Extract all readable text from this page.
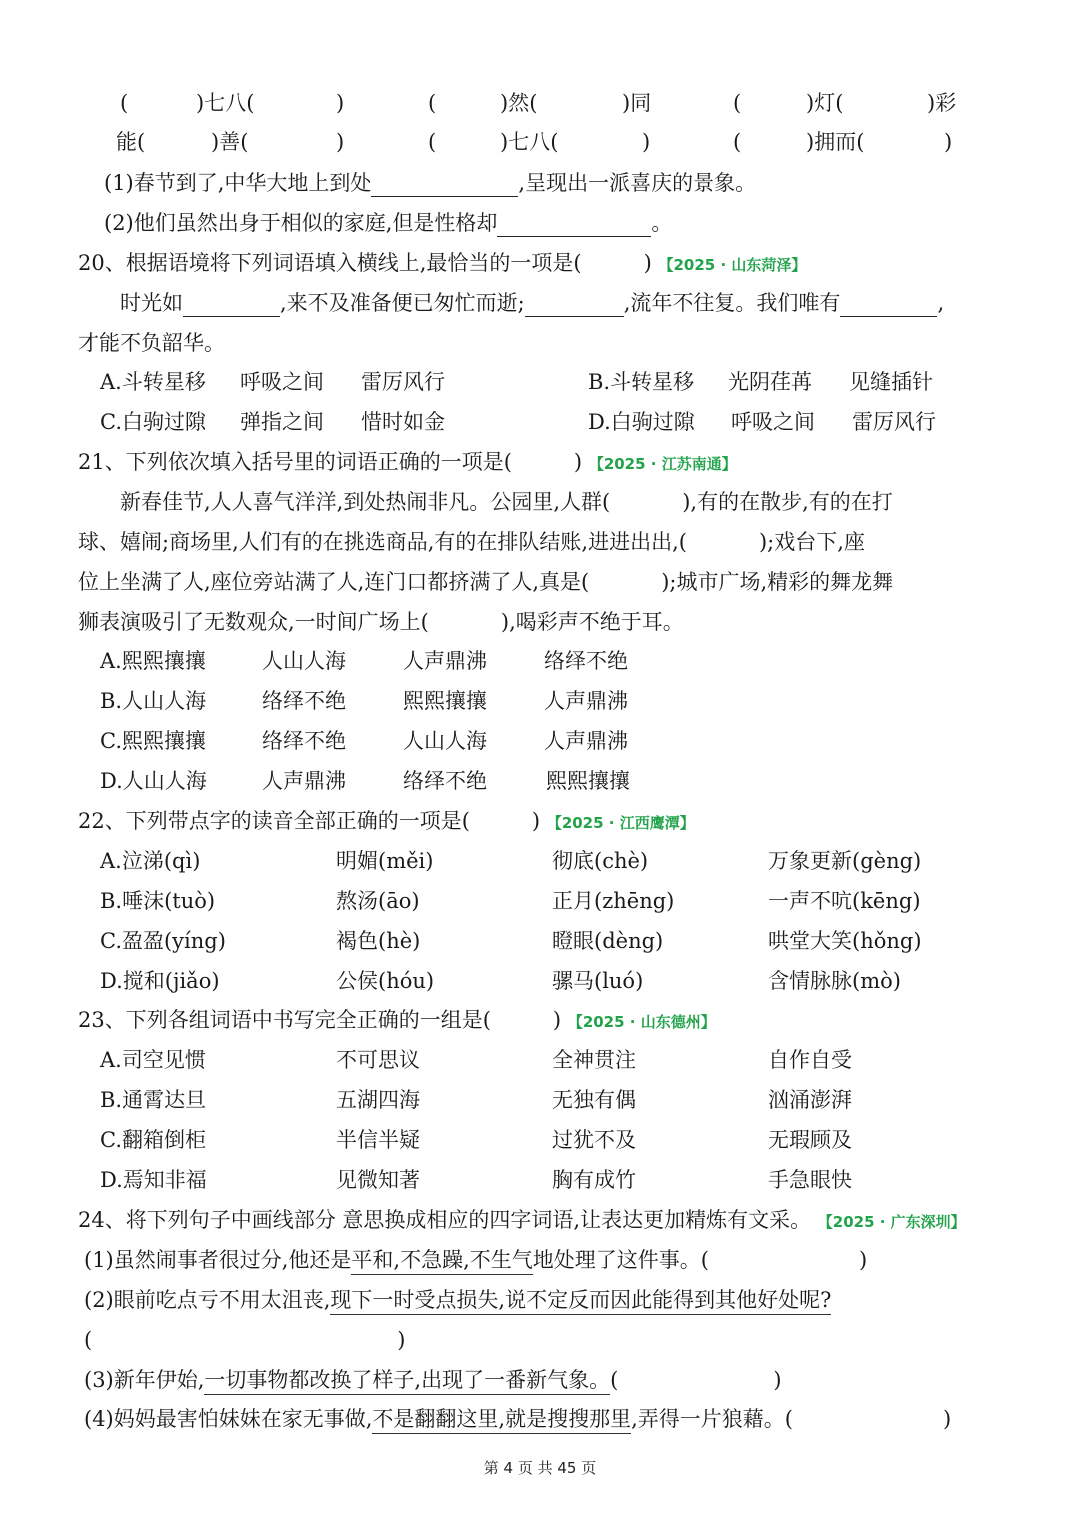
(	)七八(	)	(	)然(	)同	(	)灯(	)彩
能(	)善(	)	(	)七八(	)	(	)拥而(	)
(1)春节到了,中华大地上到处	,呈现出一派喜庆的景象。
(2)他们虽然出身于相似的家庭,但是性格却	。
20、根据语境将下列词语填入横线上,最恰当的一项是(	) 【2025 · 山东菏泽】
时光如	,来不及准备便已匆忙而逝;	,流年不往复。我们唯有	,
才能不负韶华。
A.斗转星移 呼吸之间 雷厉风行	B.斗转星移 光阴荏苒 见缝插针
C.白驹过隙 弹指之间 惜时如金	D.白驹过隙 呼吸之间 雷厉风行
21、下列依次填入括号里的词语正确的一项是(	) 【2025 · 江苏南通】
新春佳节,人人喜气洋洋,到处热闹非凡。公园里,人群(	),有的在散步,有的在打
球、嬉闹;商场里,人们有的在挑选商品,有的在排队结账,进进出出,(	);戏台下,座
位上坐满了人,座位旁站满了人,连门口都挤满了人,真是(	);城市广场,精彩的舞龙舞
狮表演吸引了无数观众,一时间广场上(	),喝彩声不绝于耳。
A.熙熙攘攘	人山人海	人声鼎沸	络绎不绝
B.人山人海	络绎不绝	熙熙攘攘	人声鼎沸
C.熙熙攘攘	络绎不绝	人山人海	人声鼎沸
D.人山人海	人声鼎沸	络绎不绝	熙熙攘攘
22、下列带点字的读音全部正确的一项是(	) 【2025 · 江西鹰潭】
A.泣涕(qì)	明媚(měi)	彻底(chè)	万象更新(gèng)
B.唾沫(tuò)	熬汤(āo)	正月(zhēng)	一声不吭(kēng)
C.盈盈(yíng)	褐色(hè)	瞪眼(dèng)	哄堂大笑(hǒng)
D.搅和(jiǎo)	公侯(hóu)	骡马(luó)	含情脉脉(mò)
23、下列各组词语中书写完全正确的一组是(	) 【2025 · 山东德州】
A.司空见惯	不可思议	全神贯注	自作自受
B.通霄达旦	五湖四海	无独有偶	汹涌澎湃
C.翻箱倒柜	半信半疑	过犹不及	无瑕顾及
D.焉知非福	见微知著	胸有成竹	手急眼快
24、将下列句子中画线部分 意思换成相应的四字词语,让表达更加精炼有文采。 【2025 · 广东深圳】
(1)虽然闹事者很过分,他还是平和,不急躁,不生气地处理了这件事。(	)
(2)眼前吃点亏不用太沮丧,现下一时受点损失,说不定反而因此能得到其他好处呢?
(	)
(3)新年伊始,一切事物都改换了样子,出现了一番新气象。(	)
(4)妈妈最害怕妹妹在家无事做,不是翻翻这里,就是搜搜那里,弄得一片狼藉。(	)
第 4 页 共 45 页
